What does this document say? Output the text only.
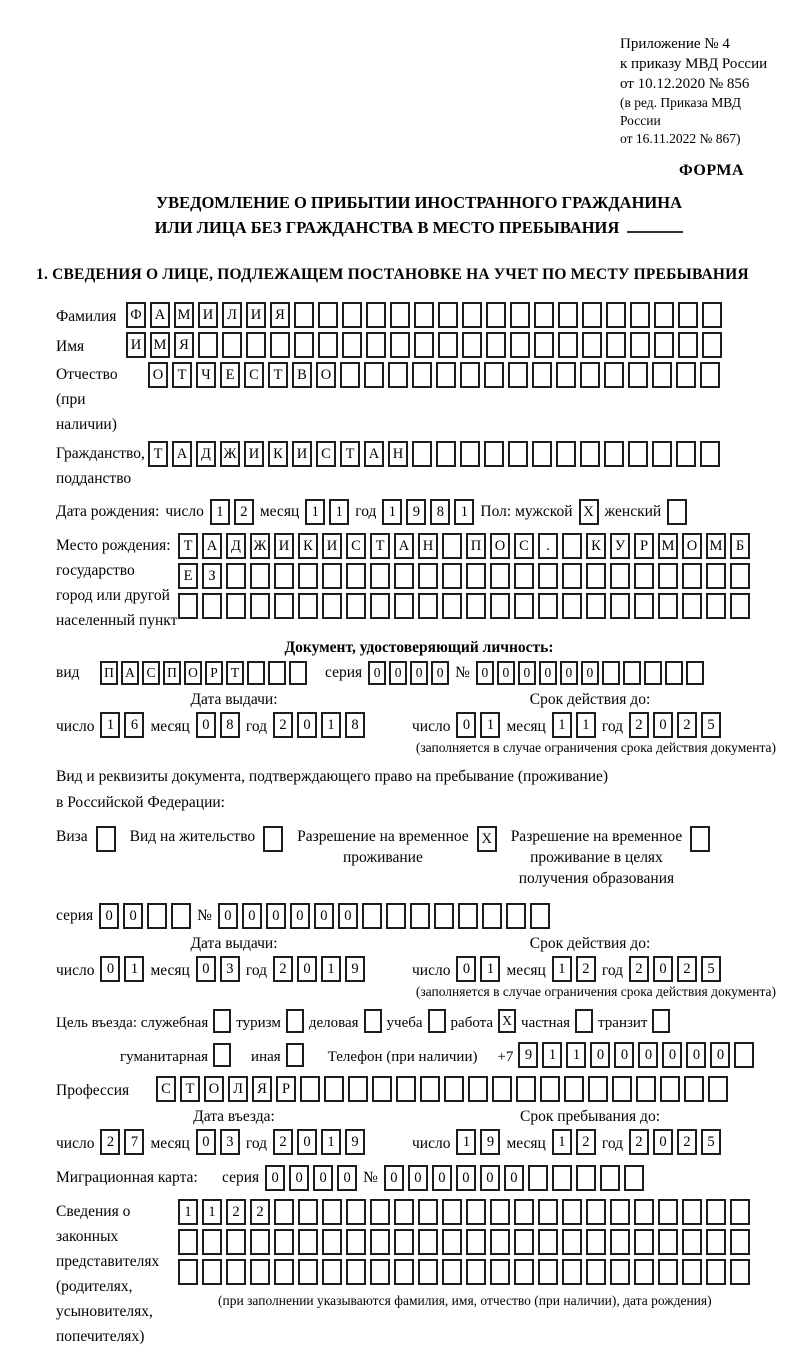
Приложение № 4
к приказу МВД России
от 10.12.2020 № 856
(в ред. Приказа МВД России
от 16.11.2022 № 867)
ФОРМА
УВЕДОМЛЕНИЕ О ПРИБЫТИИ ИНОСТРАННОГО ГРАЖДАНИНА
ИЛИ ЛИЦА БЕЗ ГРАЖДАНСТВА В МЕСТО ПРЕБЫВАНИЯ
1. СВЕДЕНИЯ О ЛИЦЕ, ПОДЛЕЖАЩЕМ ПОСТАНОВКЕ НА УЧЕТ ПО МЕСТУ ПРЕБЫВАНИЯ
Фамилия Ф А М И Л И Я
Имя	И М Я
Отчество
(при наличии)
О Т	Ч	Е	С	Т	В О
Гражданство,
подданство
Т А Д Ж И К И С	Т А Н
Дата рождения: число 1	2 месяц 1	1 год 1	9	8	1 Пол: мужской X женский
Место рождения:
государство
город или другой
населенный пункт
Т А Д Ж И К И С	Т А Н	П О С	.	К У	Р М О М Б
Е	З
Документ, удостоверяющий личность:
вид	П А С П О Р Т	серия 0	0	0	0 № 0	0	0	0	0	0
Дата выдачи:
число 1	6 месяц 0	8 год 2	0	1	8
Срок действия до:
число 0	1 месяц 1	1 год 2	0	2	5
(заполняется в случае ограничения срока действия документа)
Вид и реквизиты документа, подтверждающего право на пребывание (проживание)
в Российской Федерации:
Виза	Вид на жительство	Разрешение на временное
проживание
X	Разрешение на временное
проживание в целях
получения образования
серия 0	0	№ 0	0	0	0	0	0
Дата выдачи:
число 0	1 месяц 0	3 год 2	0	1	9
Срок действия до:
число 0	1 месяц 1	2 год 2	0	2	5
(заполняется в случае ограничения срока действия документа)
Цель въезда: служебная туризм деловая учеба работа X частная транзит
гуманитарная	иная	Телефон (при наличии) +7 9	1	1	0	0	0	0	0	0
Профессия	С	Т О Л Я	Р
Дата въезда:
число 2	7 месяц 0	3 год 2	0	1	9
Срок пребывания до:
число 1	9 месяц 1	2 год 2	0	2	5
Миграционная карта:	серия 0	0	0	0 № 0	0	0	0	0	0
Сведения о
законных
представителях
(родителях,
усыновителях,
попечителях)
1	1	2	2
(при заполнении указываются фамилия, имя, отчество (при наличии), дата рождения)
